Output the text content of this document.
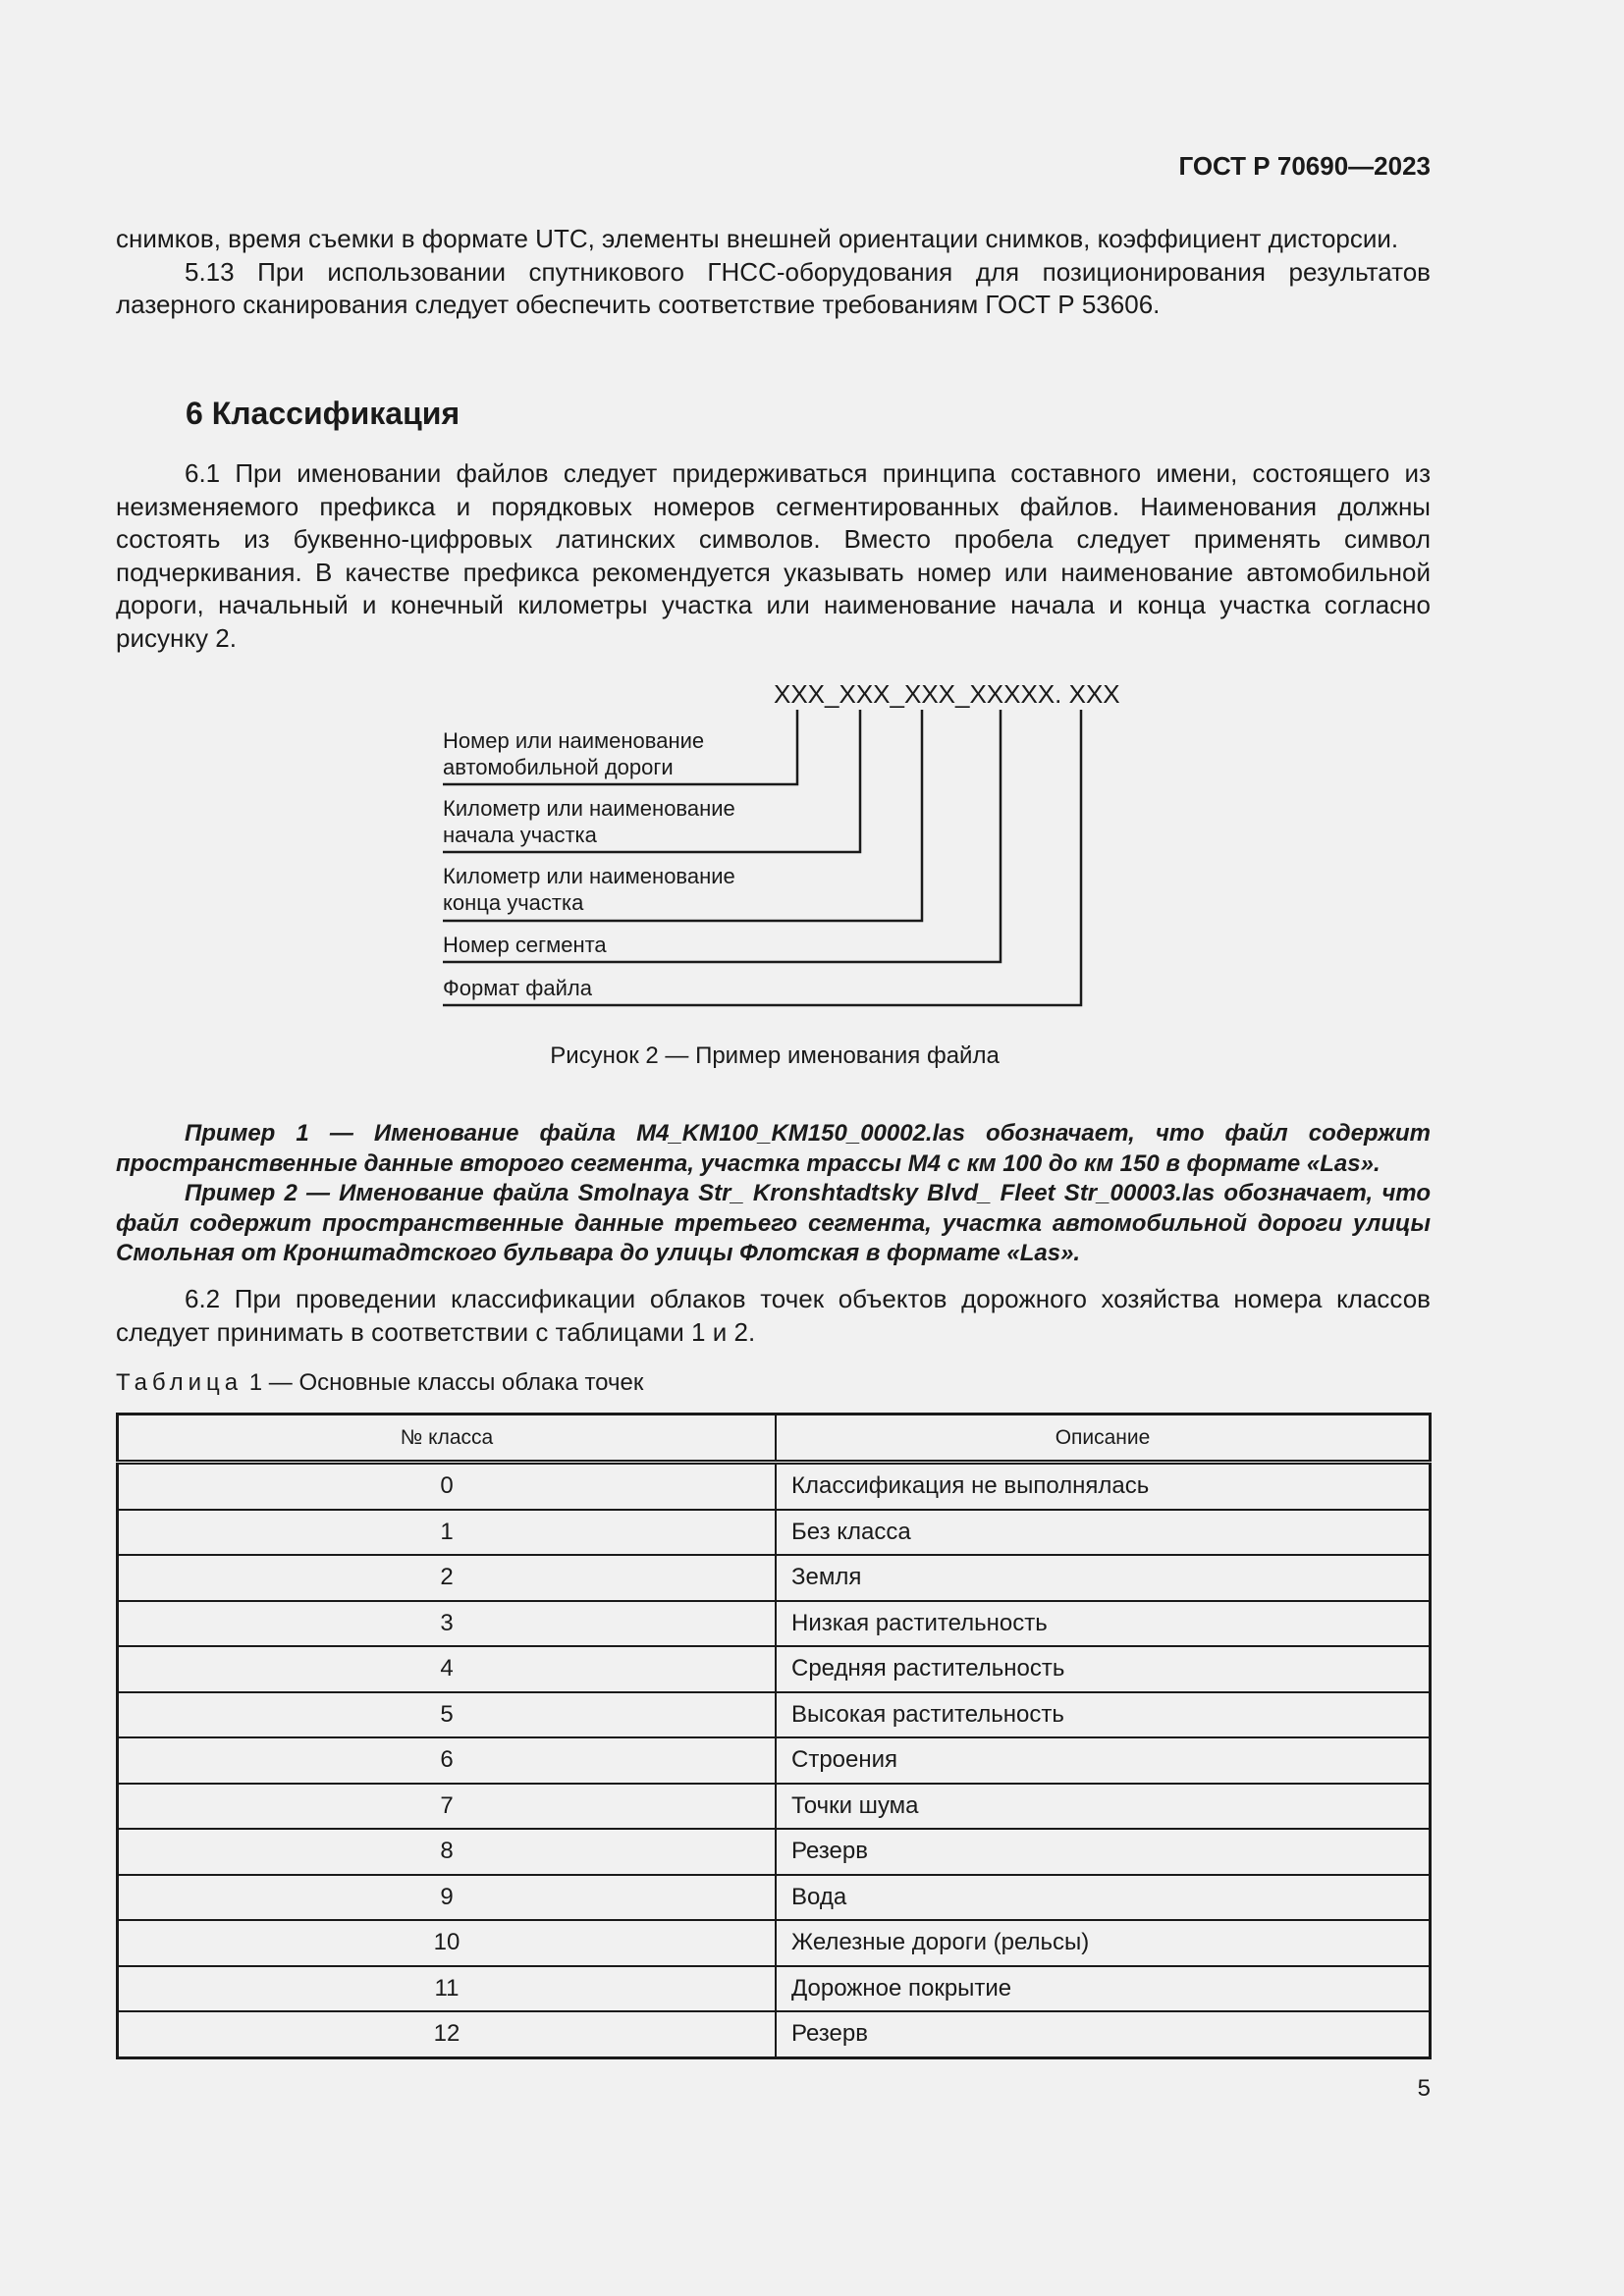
ГОСТ Р 70690—2023

снимков, время съемки в формате UTC, элементы внешней ориентации снимков, коэффициент дисторсии.

5.13 При использовании спутникового ГНСС-оборудования для позиционирования результатов лазерного сканирования следует обеспечить соответствие требованиям ГОСТ Р 53606.

6 Классификация

6.1 При именовании файлов следует придерживаться принципа составного имени, состоящего из неизменяемого префикса и порядковых номеров сегментированных файлов. Наименования должны состоять из буквенно-цифровых латинских символов. Вместо пробела следует применять символ подчеркивания. В качестве префикса рекомендуется указывать номер или наименование автомобильной дороги, начальный и конечный километры участка или наименование начала и конца участка согласно рисунку 2.

XXX_XXX_XXX_XXXXX. XXX
Номер или наименование
автомобильной дороги
Километр или наименование
начала участка
Километр или наименование
конца участка
Номер сегмента
Формат файла
Рисунок 2 — Пример именования файла

Пример 1 — Именование файла M4_KM100_KM150_00002.las обозначает, что файл содержит пространственные данные второго сегмента, участка трассы М4 с км 100 до км 150 в формате «Las».

Пример 2 — Именование файла Smolnaya Str_ Kronshtadtsky Blvd_ Fleet Str_00003.las обозначает, что файл содержит пространственные данные третьего сегмента, участка автомобильной дороги улицы Смольная от Кронштадтского бульвара до улицы Флотская в формате «Las».

6.2 При проведении классификации облаков точек объектов дорожного хозяйства номера классов следует принимать в соответствии с таблицами 1 и 2.

Таблица 1 — Основные классы облака точек
№ класса	Описание
0	Классификация не выполнялась
1	Без класса
2	Земля
3	Низкая растительность
4	Средняя растительность
5	Высокая растительность
6	Строения
7	Точки шума
8	Резерв
9	Вода
10	Железные дороги (рельсы)
11	Дорожное покрытие
12	Резерв
5
